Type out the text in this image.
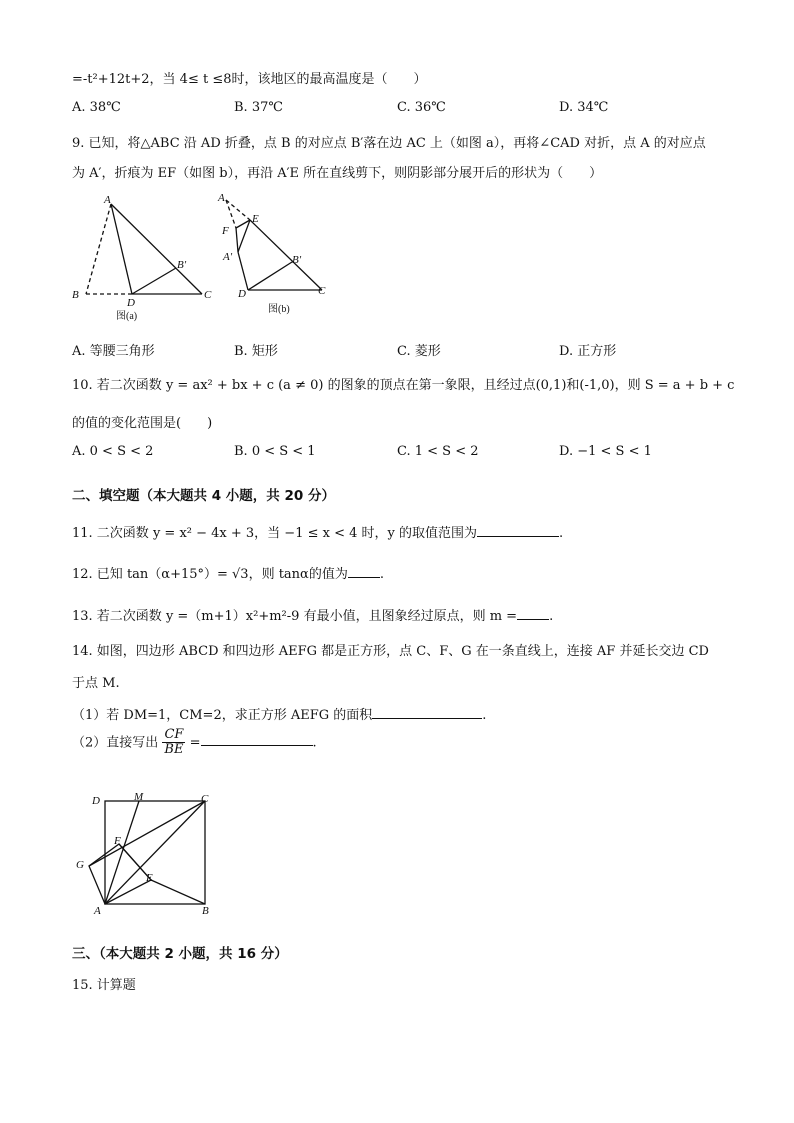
=-t²+12t+2，当 4≤ t ≤8时，该地区的最高温度是（　　）
A. 38℃	B. 37℃	C. 36℃	D. 34℃
9. 已知，将△ABC 沿 AD 折叠，点 B 的对应点 B′落在边 AC 上（如图 a），再将∠CAD 对折，点 A 的对应点
为 A′，折痕为 EF（如图 b），再沿 A′E 所在直线剪下，则阴影部分展开后的形状为（　　）
A
B
D
B′
C
图(a)
A
E
F
A′	B′
D	C
图(b)
A. 等腰三角形	B. 矩形	C. 菱形	D. 正方形
10. 若二次函数 y = ax² + bx + c (a ≠ 0) 的图象的顶点在第一象限，且经过点(0,1)和(-1,0)，则 S = a + b + c
的值的变化范围是(　　)
A. 0 < S < 2	B. 0 < S < 1	C. 1 < S < 2	D. −1 < S < 1
二、填空题（本大题共 4 小题，共 20 分）
11. 二次函数 y = x² − 4x + 3，当 −1 ≤ x < 4 时，y 的取值范围为	.
12. 已知 tan（α+15°）= √3，则 tanα的值为 .
13. 若二次函数 y =（m+1）x²+m²-9 有最小值，且图象经过原点，则 m = .
14. 如图，四边形 ABCD 和四边形 AEFG 都是正方形，点 C、F、G 在一条直线上，连接 AF 并延长交边 CD
于点 M.
（1）若 DM=1，CM=2，求正方形 AEFG 的面积	.
（2）直接写出 $\frac{CF}{BE}$ =	.
D	M	C
F
G
E
A	B
三、（本大题共 2 小题，共 16 分）
15. 计算题
